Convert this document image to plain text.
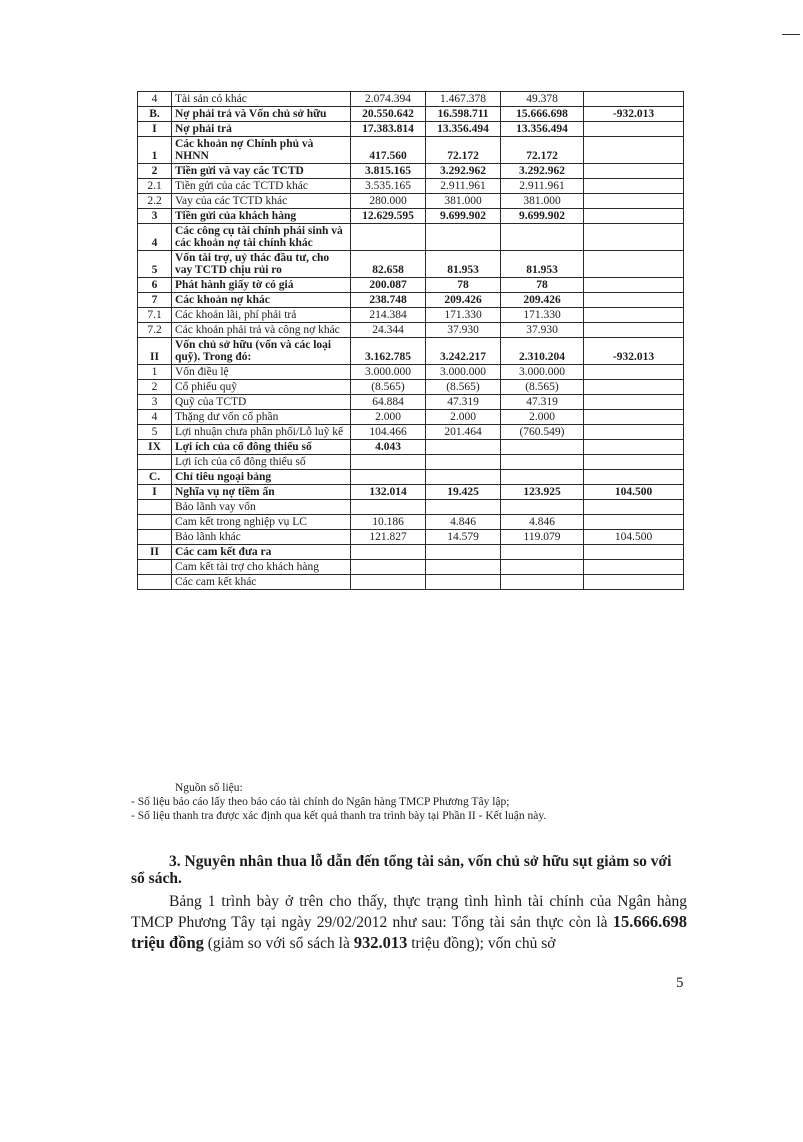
4	Tài sản có khác	2.074.394	1.467.378	49.378	
B.	Nợ phải trả và Vốn chủ sở hữu	20.550.642	16.598.711	15.666.698	-932.013
I	Nợ phải trả	17.383.814	13.356.494	13.356.494	
1	Các khoản nợ Chính phủ và NHNN	417.560	72.172	72.172	
2	Tiền gửi và vay các TCTD	3.815.165	3.292.962	3.292.962	
2.1	Tiền gửi của các TCTD khác	3.535.165	2.911.961	2.911.961	
2.2	Vay của các TCTD khác	280.000	381.000	381.000	
3	Tiền gửi của khách hàng	12.629.595	9.699.902	9.699.902	
4	Các công cụ tài chính phái sinh và các khoản nợ tài chính khác				
5	Vốn tài trợ, uỷ thác đầu tư, cho vay TCTD chịu rủi ro	82.658	81.953	81.953	
6	Phát hành giấy tờ có giá	200.087	78	78	
7	Các khoản nợ khác	238.748	209.426	209.426	
7.1	Các khoản lãi, phí phải trả	214.384	171.330	171.330	
7.2	Các khoản phải trả và công nợ khác	24.344	37.930	37.930	
II	Vốn chủ sở hữu (vốn và các loại quỹ). Trong đó:	3.162.785	3.242.217	2.310.204	-932.013
1	Vốn điều lệ	3.000.000	3.000.000	3.000.000	
2	Cổ phiếu quỹ	(8.565)	(8.565)	(8.565)	
3	Quỹ của TCTD	64.884	47.319	47.319	
4	Thặng dư vốn cổ phần	2.000	2.000	2.000	
5	Lợi nhuận chưa phân phối/Lỗ luỹ kế	104.466	201.464	(760.549)	
IX	Lợi ích của cổ đông thiểu số	4.043			
	Lợi ích của cổ đông thiểu số				
C.	Chỉ tiêu ngoại bảng				
I	Nghĩa vụ nợ tiềm ẩn	132.014	19.425	123.925	104.500
	Bảo lãnh vay vốn				
	Cam kết trong nghiệp vụ LC	10.186	4.846	4.846	
	Bảo lãnh khác	121.827	14.579	119.079	104.500
II	Các cam kết đưa ra				
	Cam kết tài trợ cho khách hàng				
	Các cam kết khác				
Nguồn số liệu:
- Số liệu báo cáo lấy theo báo cáo tài chính do Ngân hàng TMCP Phương Tây lập;
- Số liệu thanh tra được xác định qua kết quả thanh tra trình bày tại Phần II - Kết luận này.
3. Nguyên nhân thua lỗ dẫn đến tổng tài sản, vốn chủ sở hữu sụt giảm so với sổ sách.
Bảng 1 trình bày ở trên cho thấy, thực trạng tình hình tài chính của Ngân hàng TMCP Phương Tây tại ngày 29/02/2012 như sau: Tổng tài sản thực còn là 15.666.698 triệu đồng (giảm so với sổ sách là 932.013 triệu đồng); vốn chủ sở
5
